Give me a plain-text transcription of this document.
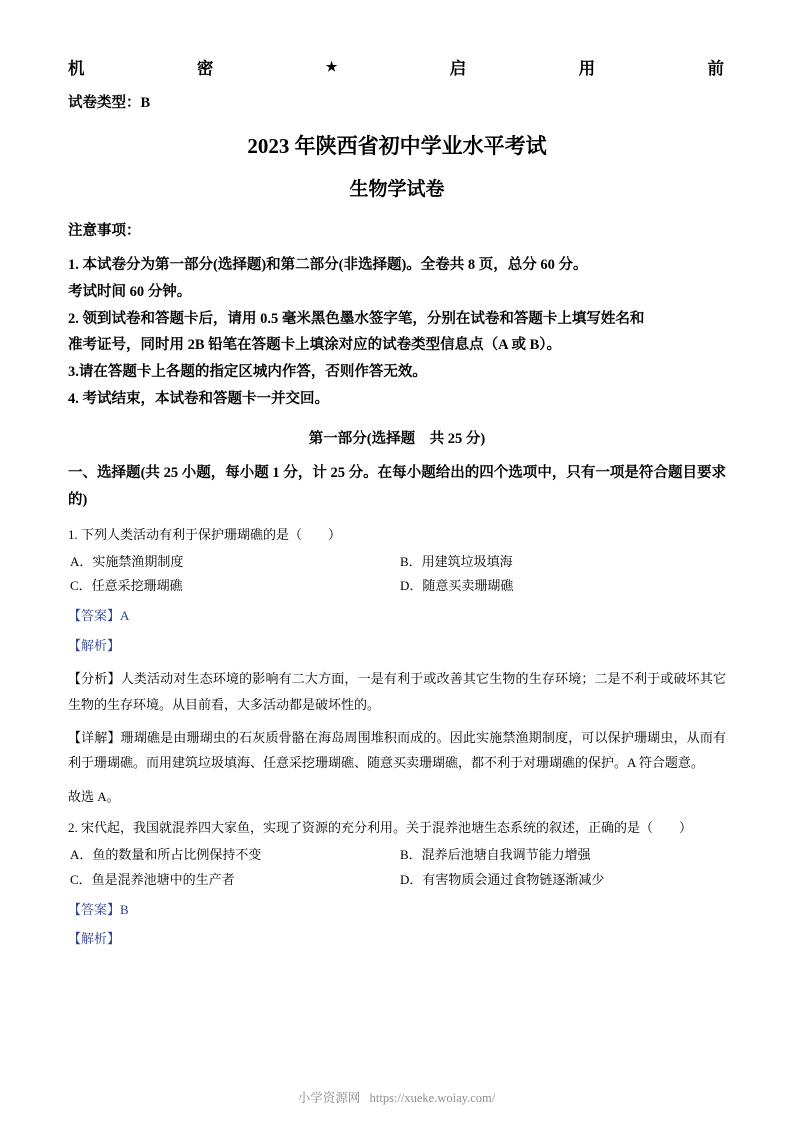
机	密	★	启	用	前
试卷类型：B
2023 年陕西省初中学业水平考试
生物学试卷
注意事项：
1. 本试卷分为第一部分(选择题)和第二部分(非选择题)。全卷共 8 页，总分 60 分。
考试时间 60 分钟。
2. 领到试卷和答题卡后，请用 0.5 毫米黑色墨水签字笔，分别在试卷和答题卡上填写姓名和
准考证号，同时用 2B 铅笔在答题卡上填涂对应的试卷类型信息点（A 或 B）。
3.请在答题卡上各题的指定区城内作答，否则作答无效。
4. 考试结束，本试卷和答题卡一并交回。
第一部分(选择题　共 25 分)
一、选择题(共 25 小题，每小题 1 分，计 25 分。在每小题给出的四个选项中，只有一项是符合题目要求的)
1. 下列人类活动有利于保护珊瑚礁的是（　　）
A．实施禁渔期制度	B．用建筑垃圾填海
C．任意采挖珊瑚礁	D．随意买卖珊瑚礁
【答案】A
【解析】
【分析】人类活动对生态环境的影响有二大方面，一是有利于或改善其它生物的生存环境；二是不利于或破坏其它生物的生存环境。从目前看，大多活动都是破坏性的。
【详解】珊瑚礁是由珊瑚虫的石灰质骨骼在海岛周围堆积而成的。因此实施禁渔期制度，可以保护珊瑚虫，从而有利于珊瑚礁。而用建筑垃圾填海、任意采挖珊瑚礁、随意买卖珊瑚礁，都不利于对珊瑚礁的保护。A 符合题意。
故选 A。
2. 宋代起，我国就混养四大家鱼，实现了资源的充分利用。关于混养池塘生态系统的叙述，正确的是（　　）
A．鱼的数量和所占比例保持不变	B．混养后池塘自我调节能力增强
C．鱼是混养池塘中的生产者	D．有害物质会通过食物链逐渐减少
【答案】B
【解析】
小学资源网 https://xueke.woiay.com/
